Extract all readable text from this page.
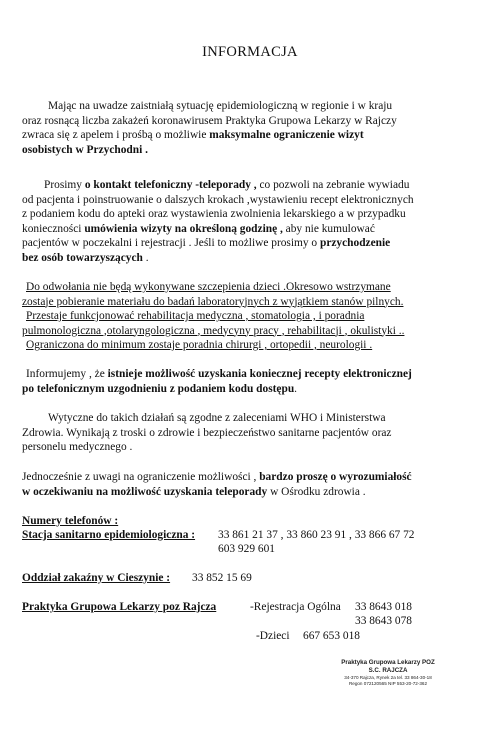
INFORMACJA

Mając na uwadze zaistniałą sytuację epidemiologiczną w regionie i w kraju

oraz rosnącą liczba zakażeń koronawirusem Praktyka Grupowa Lekarzy w Rajczy

zwraca się z apelem i prośbą o możliwie maksymalne ograniczenie wizyt

osobistych w Przychodni .

Prosimy o kontakt telefoniczny -teleporady , co pozwoli na zebranie wywiadu

od pacjenta i poinstruowanie o dalszych krokach ,wystawieniu recept elektronicznych

z podaniem kodu do apteki oraz wystawienia zwolnienia lekarskiego a w przypadku

konieczności umówienia wizyty na określoną godzinę , aby nie kumulować

pacjentów w poczekalni i rejestracji . Jeśli to możliwe prosimy o przychodzenie

bez osób towarzyszących .

Do odwołania nie będą wykonywane szczepienia dzieci .Okresowo wstrzymane

zostaje pobieranie materiału do badań laboratoryjnych z wyjątkiem stanów pilnych.

Przestaje funkcjonować rehabilitacja medyczna , stomatologia , i poradnia

pulmonologiczna ,otolaryngologiczna , medycyny pracy , rehabilitacji , okulistyki ..

Ograniczona do minimum zostaje poradnia chirurgi , ortopedii , neurologii .

Informujemy , że istnieje możliwość uzyskania koniecznej recepty elektronicznej

po telefonicznym uzgodnieniu z podaniem kodu dostępu.

Wytyczne do takich działań są zgodne z zaleceniami WHO i Ministerstwa

Zdrowia. Wynikają z troski o zdrowie i bezpieczeństwo sanitarne pacjentów oraz

personelu medycznego .

Jednocześnie z uwagi na ograniczenie możliwości , bardzo proszę o wyrozumiałość

w oczekiwaniu na możliwość uzyskania teleporady w Ośrodku zdrowia .

Numery telefonów :
Stacja sanitarno epidemiologiczna : 33 861 21 37 , 33 860 23 91 , 33 866 67 72
603 929 601
Oddział zakaźny w Cieszynie : 33 852 15 69
Praktyka Grupowa Lekarzy poz Rajcza	-Rejestracja Ogólna 33 8643 018
33 8643 078
-Dzieci 667 653 018
Praktyka Grupowa Lekarzy POZ
S.C. RAJCZA
34-370 Rajcza, Rynek 2a tel. 33 864-30-18
Regon 072120565 NIP 553-20-72-362
